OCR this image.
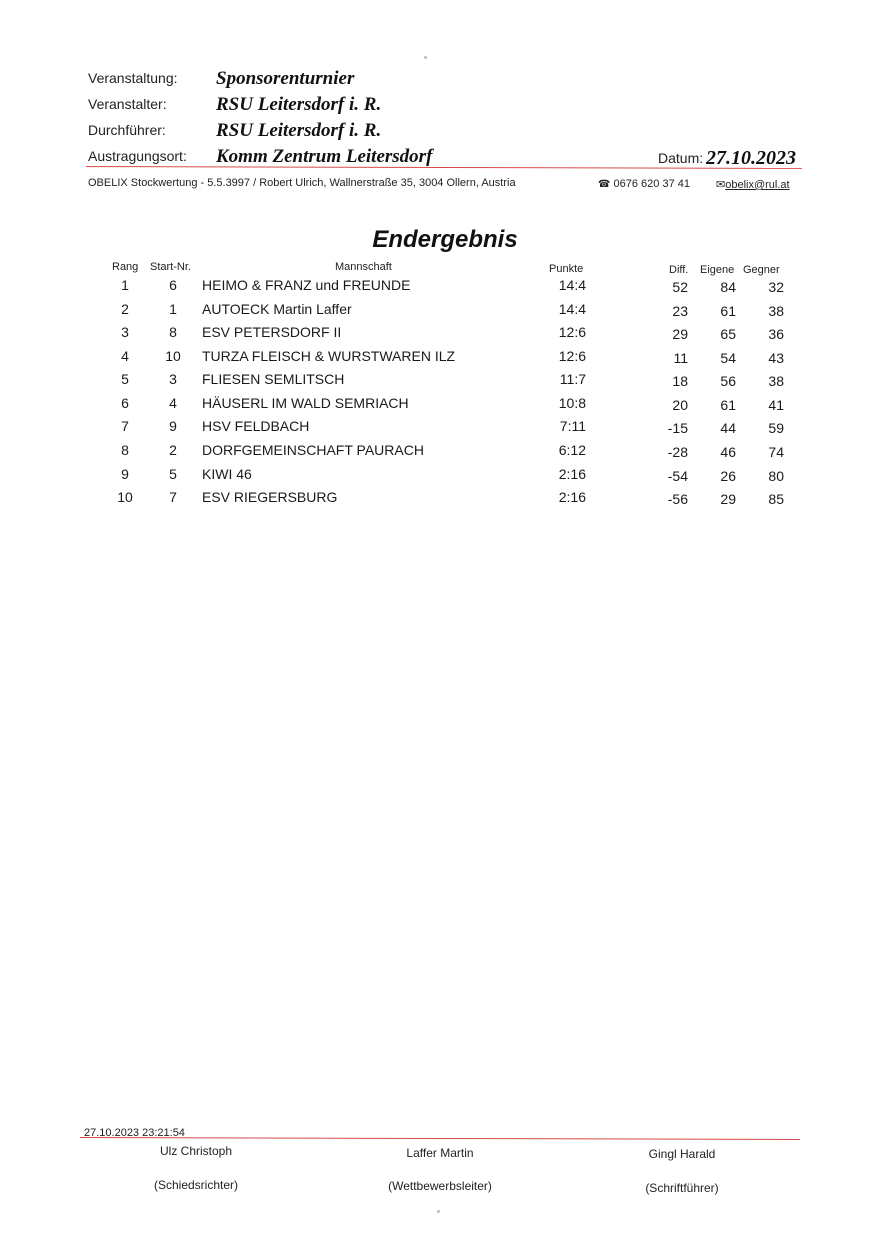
Veranstaltung: Sponsorenturnier
Veranstalter:	RSU Leitersdorf i. R.
Durchführer:	RSU Leitersdorf i. R.
Austragungsort: Komm Zentrum Leitersdorf	Datum: 27.10.2023
OBELIX Stockwertung - 5.5.3997 / Robert Ulrich, Wallnerstraße 35, 3004 Ollern, Austria	☎ 0676 620 37 41 ✉obelix@rul.at
Endergebnis
Rang Start-Nr.	Mannschaft	Punkte	Diff. Eigene Gegner
1	6	HEIMO & FRANZ und FREUNDE	14:4	52	84	32
2	1	AUTOECK Martin Laffer	14:4	23	61	38
3	8	ESV PETERSDORF II	12:6	29	65	36
4	10	TURZA FLEISCH & WURSTWAREN ILZ	12:6	11	54	43
5	3	FLIESEN SEMLITSCH	11:7	18	56	38
6	4	HÄUSERL IM WALD SEMRIACH	10:8	20	61	41
7	9	HSV FELDBACH	7:11	-15	44	59
8	2	DORFGEMEINSCHAFT PAURACH	6:12	-28	46	74
9	5	KIWI 46	2:16	-54	26	80
10	7	ESV RIEGERSBURG	2:16	-56	29	85
27.10.2023 23:21:54
Ulz Christoph
(Schiedsrichter)
Laffer Martin
(Wettbewerbsleiter)
Gingl Harald
(Schriftführer)
